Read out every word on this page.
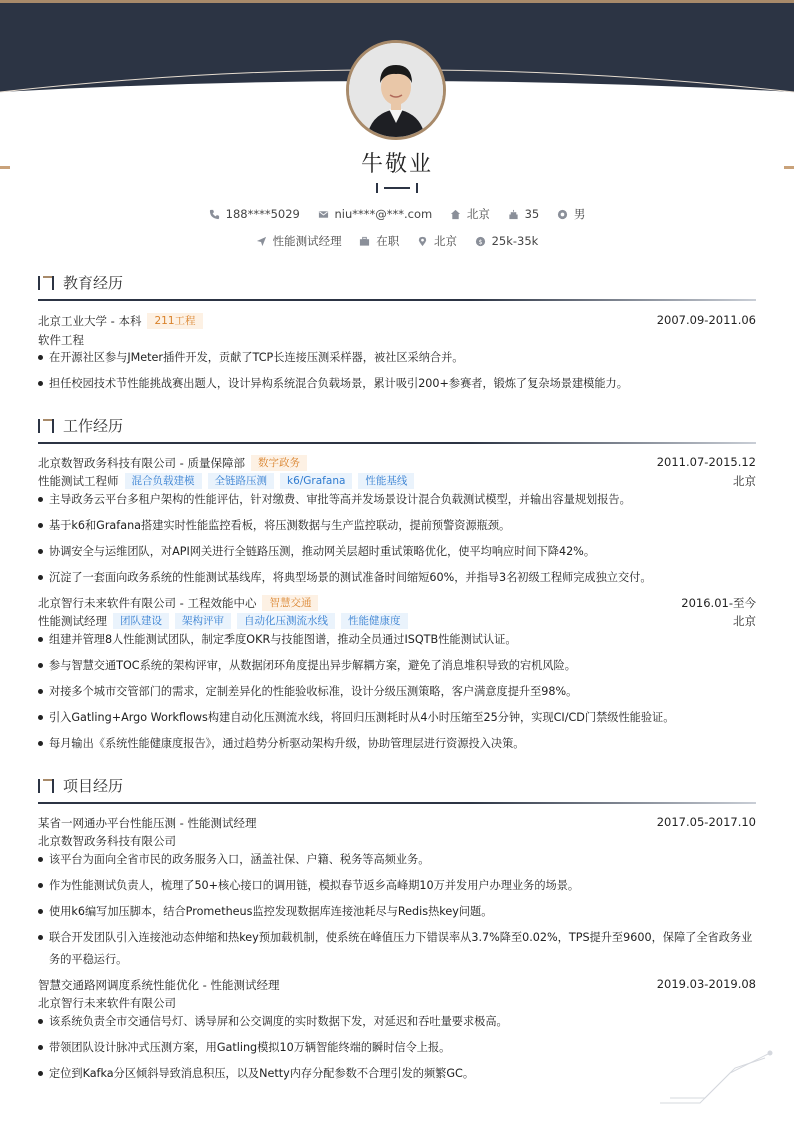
牛敬业
188****5029
	niu****@***.com
	北京
	35
	男
性能测试经理
	在职
	北京
	$ 25k-35k
教育经历
北京工业大学 - 本科	211工程	2007.09-2011.06
软件工程
在开源社区参与JMeter插件开发，贡献了TCP长连接压测采样器，被社区采纳合并。
担任校园技术节性能挑战赛出题人，设计异构系统混合负载场景，累计吸引200+参赛者，锻炼了复杂场景建模能力。
工作经历
北京数智政务科技有限公司 - 质量保障部	数字政务	2011.07-2015.12
性能测试工程师	混合负载建模	全链路压测	k6/Grafana	性能基线	北京
主导政务云平台多租户架构的性能评估，针对缴费、审批等高并发场景设计混合负载测试模型，并输出容量规划报告。
基于k6和Grafana搭建实时性能监控看板，将压测数据与生产监控联动，提前预警资源瓶颈。
协调安全与运维团队，对API网关进行全链路压测，推动网关层超时重试策略优化，使平均响应时间下降42%。
沉淀了一套面向政务系统的性能测试基线库，将典型场景的测试准备时间缩短60%，并指导3名初级工程师完成独立交付。
北京智行未来软件有限公司 - 工程效能中心	智慧交通	2016.01-至今
性能测试经理	团队建设	架构评审	自动化压测流水线	性能健康度	北京
组建并管理8人性能测试团队，制定季度OKR与技能图谱，推动全员通过ISQTB性能测试认证。
参与智慧交通TOC系统的架构评审，从数据闭环角度提出异步解耦方案，避免了消息堆积导致的宕机风险。
对接多个城市交管部门的需求，定制差异化的性能验收标准，设计分级压测策略，客户满意度提升至98%。
引入Gatling+Argo Workflows构建自动化压测流水线，将回归压测耗时从4小时压缩至25分钟，实现CI/CD门禁级性能验证。
每月输出《系统性能健康度报告》，通过趋势分析驱动架构升级，协助管理层进行资源投入决策。
项目经历
某省一网通办平台性能压测 - 性能测试经理	2017.05-2017.10
北京数智政务科技有限公司
该平台为面向全省市民的政务服务入口，涵盖社保、户籍、税务等高频业务。
作为性能测试负责人，梳理了50+核心接口的调用链，模拟春节返乡高峰期10万并发用户办理业务的场景。
使用k6编写加压脚本，结合Prometheus监控发现数据库连接池耗尽与Redis热key问题。
联合开发团队引入连接池动态伸缩和热key预加载机制，使系统在峰值压力下错误率从3.7%降至0.02%，TPS提升至9600，保障了全省政务业务的平稳运行。
智慧交通路网调度系统性能优化 - 性能测试经理	2019.03-2019.08
北京智行未来软件有限公司
该系统负责全市交通信号灯、诱导屏和公交调度的实时数据下发，对延迟和吞吐量要求极高。
带领团队设计脉冲式压测方案，用Gatling模拟10万辆智能终端的瞬时信令上报。
定位到Kafka分区倾斜导致消息积压，以及Netty内存分配参数不合理引发的频繁GC。
